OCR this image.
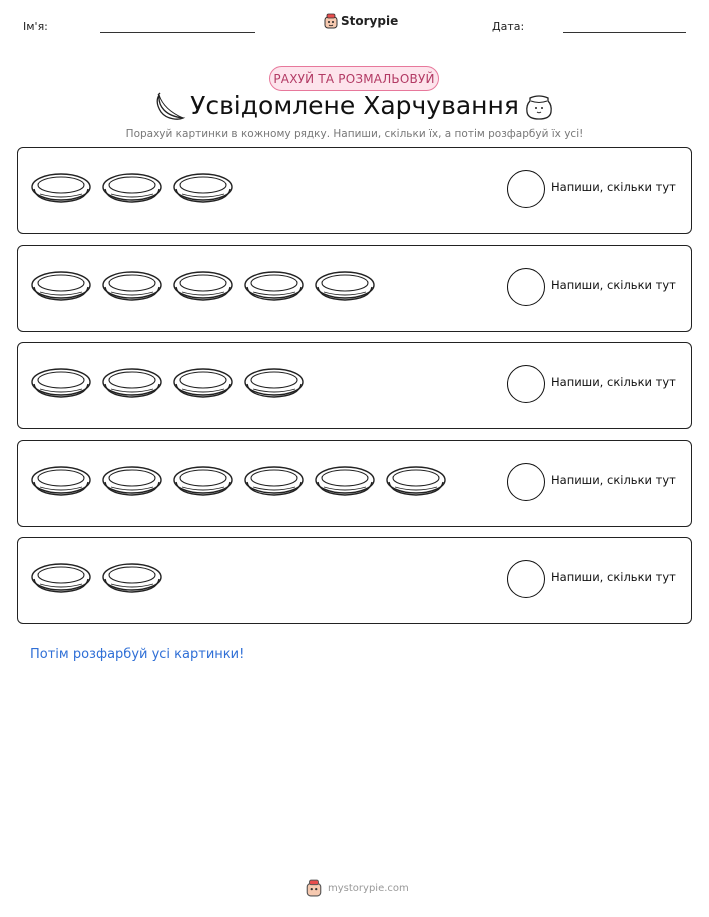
Ім'я:	Storypie	Дата:
РАХУЙ ТА РОЗМАЛЬОВУЙ
Усвідомлене Харчування
Порахуй картинки в кожному рядку. Напиши, скільки їх, а потім розфарбуй їх усі!
Напиши, скільки тут
Напиши, скільки тут
Напиши, скільки тут
Напиши, скільки тут
Напиши, скільки тут
Потім розфарбуй усі картинки!
mystorypie.com
